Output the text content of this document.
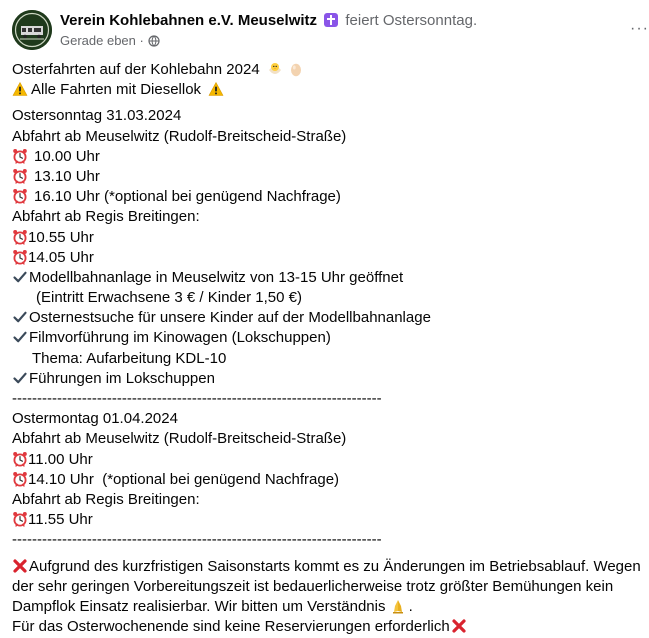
Verein Kohlebahnen e.V. Meuselwitz feiert Ostersonntag.
Gerade eben ·
···
Osterfahrten auf der Kohlebahn 2024
Alle Fahrten mit Diesellok
Ostersonntag 31.03.2024
Abfahrt ab Meuselwitz (Rudolf-Breitscheid-Straße)
10.00 Uhr
13.10 Uhr
16.10 Uhr (*optional bei genügend Nachfrage)
Abfahrt ab Regis Breitingen:
10.55 Uhr
14.05 Uhr
Modellbahnanlage in Meuselwitz von 13-15 Uhr geöffnet
(Eintritt Erwachsene 3 € / Kinder 1,50 €)
Osternestsuche für unsere Kinder auf der Modellbahnanlage
Filmvorführung im Kinowagen (Lokschuppen)
Thema: Aufarbeitung KDL-10
Führungen im Lokschuppen
--------------------------------------------------------------------------
Ostermontag 01.04.2024
Abfahrt ab Meuselwitz (Rudolf-Breitscheid-Straße)
11.00 Uhr
14.10 Uhr  (*optional bei genügend Nachfrage)
Abfahrt ab Regis Breitingen:
11.55 Uhr
--------------------------------------------------------------------------
Aufgrund des kurzfristigen Saisonstarts kommt es zu Änderungen im Betriebsablauf. Wegen der sehr geringen Vorbereitungszeit ist bedauerlicherweise trotz größter Bemühungen kein Dampflok Einsatz realisierbar. Wir bitten um Verständnis .
Für das Osterwochenende sind keine Reservierungen erforderlich
